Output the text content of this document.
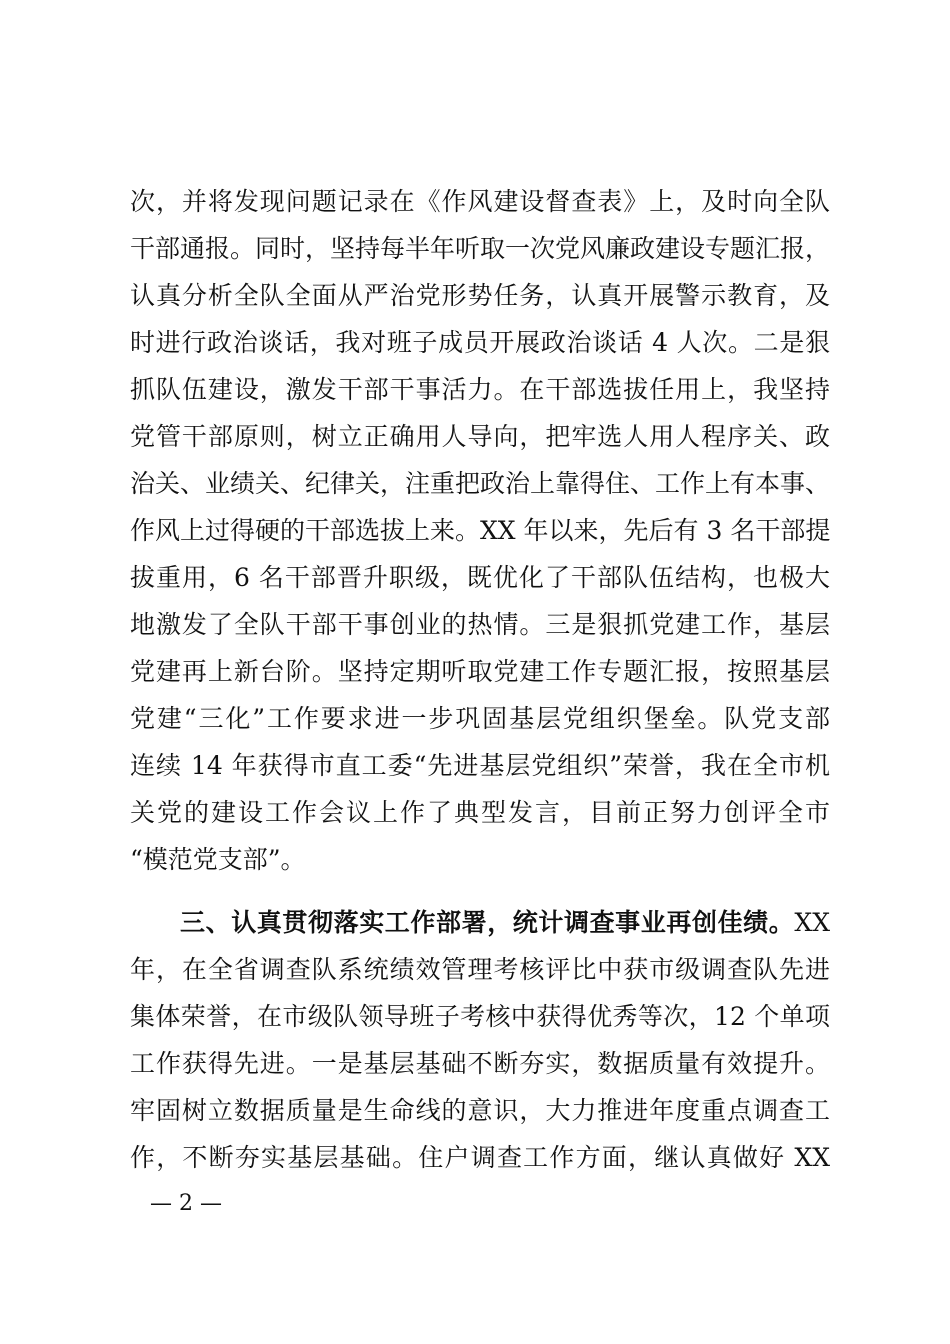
次，并将发现问题记录在《作风建设督查表》上，及时向全队
干部通报。同时，坚持每半年听取一次党风廉政建设专题汇报，
认真分析全队全面从严治党形势任务，认真开展警示教育，及
时进行政治谈话，我对班子成员开展政治谈话 4 人次。二是狠
抓队伍建设，激发干部干事活力。在干部选拔任用上，我坚持
党管干部原则，树立正确用人导向，把牢选人用人程序关、政
治关、业绩关、纪律关，注重把政治上靠得住、工作上有本事、
作风上过得硬的干部选拔上来。XX 年以来，先后有 3 名干部提
拔重用，6 名干部晋升职级，既优化了干部队伍结构，也极大
地激发了全队干部干事创业的热情。三是狠抓党建工作，基层
党建再上新台阶。坚持定期听取党建工作专题汇报，按照基层
党建“三化”工作要求进一步巩固基层党组织堡垒。队党支部
连续 14 年获得市直工委“先进基层党组织”荣誉，我在全市机
关党的建设工作会议上作了典型发言，目前正努力创评全市
“模范党支部”。
三、认真贯彻落实工作部署，统计调查事业再创佳绩。XX
年，在全省调查队系统绩效管理考核评比中获市级调查队先进
集体荣誉，在市级队领导班子考核中获得优秀等次，12 个单项
工作获得先进。一是基层基础不断夯实，数据质量有效提升。
牢固树立数据质量是生命线的意识，大力推进年度重点调查工
作，不断夯实基层基础。住户调查工作方面，继认真做好 XX
— 2 —
